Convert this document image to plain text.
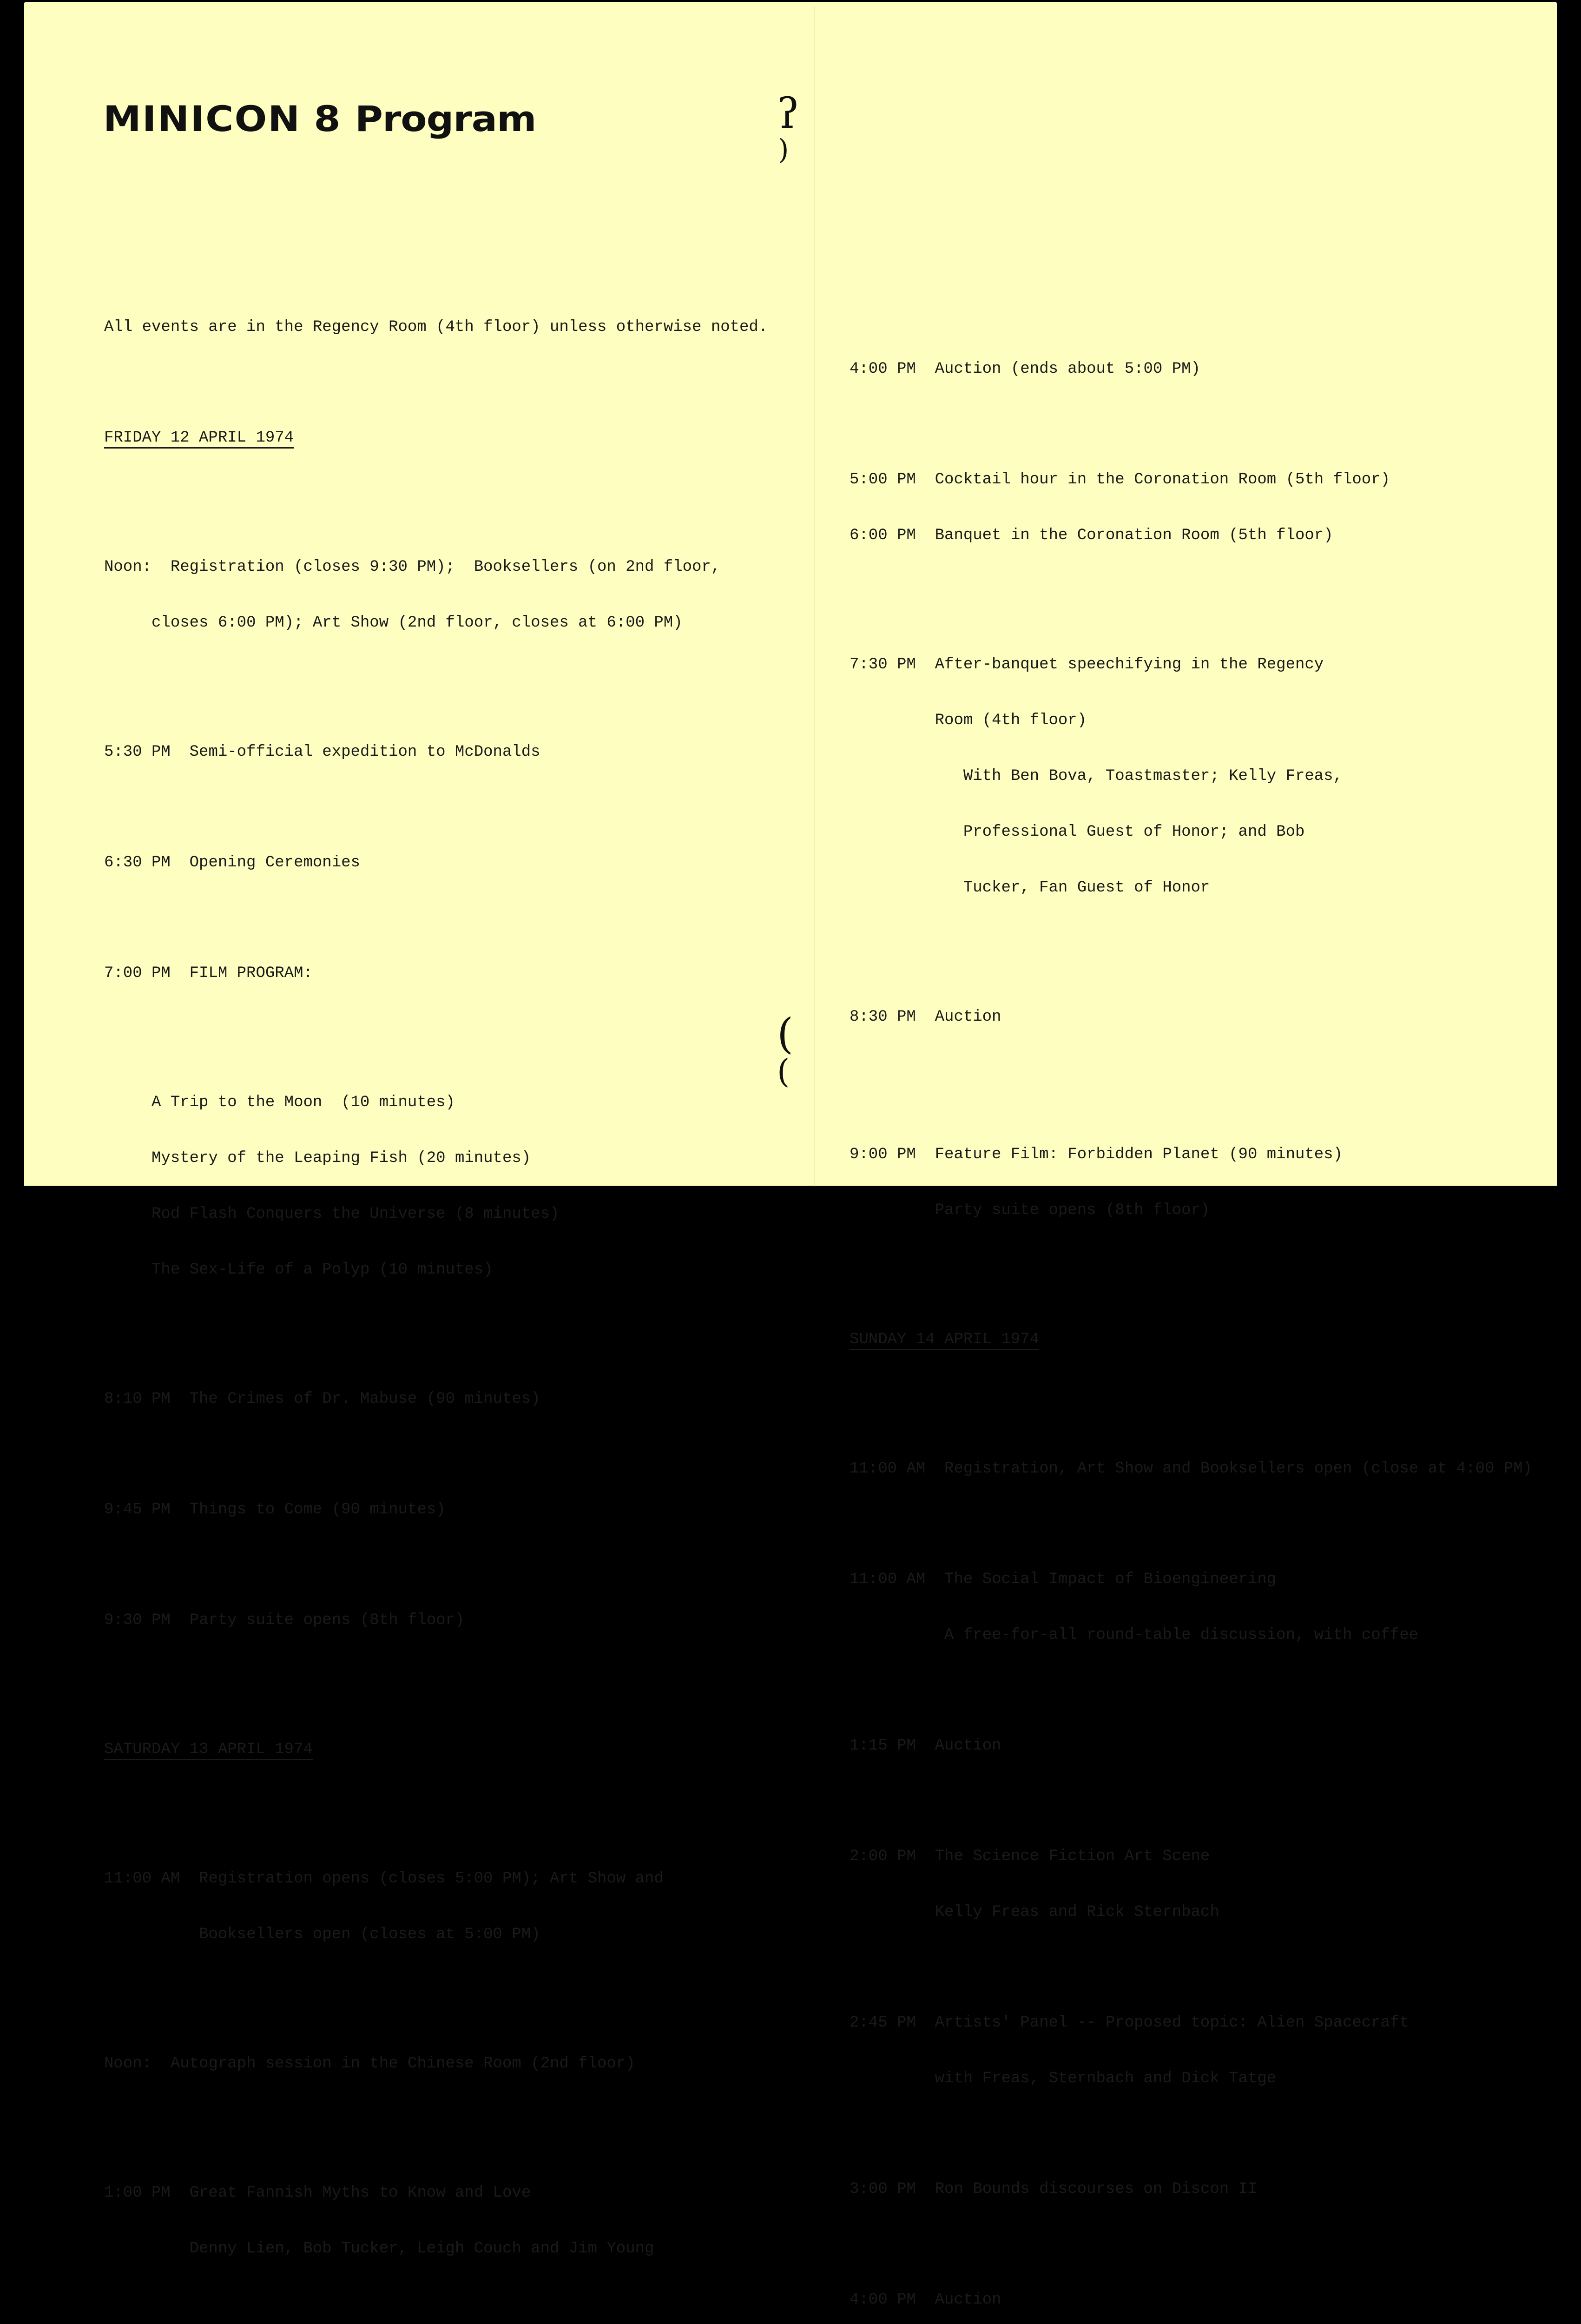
MINICON 8 Program	ʔ
)
(
(

All events are in the Regency Room (4th floor) unless otherwise noted.

FRIDAY 12 APRIL 1974

Noon: Registration (closes 9:30 PM);  Booksellers (on 2nd floor,

closes 6:00 PM); Art Show (2nd floor, closes at 6:00 PM)

5:30 PM Semi-official expedition to McDonalds

6:30 PM Opening Ceremonies

7:00 PM FILM PROGRAM:

A Trip to the Moon  (10 minutes)

Mystery of the Leaping Fish (20 minutes)

Rod Flash Conquers the Universe (8 minutes)

The Sex-Life of a Polyp (10 minutes)

8:10 PM The Crimes of Dr. Mabuse (90 minutes)

9:45 PM Things to Come (90 minutes)

9:30 PM Party suite opens (8th floor)

SATURDAY 13 APRIL 1974

11:00 AM Registration opens (closes 5:00 PM); Art Show and

Booksellers open (closes at 5:00 PM)

Noon: Autograph session in the Chinese Room (2nd floor)

1:00 PM Great Fannish Myths to Know and Love

Denny Lien, Bob Tucker, Leigh Couch and Jim Young

4:00 PM Auction (ends about 5:00 PM)

5:00 PM Cocktail hour in the Coronation Room (5th floor)

6:00 PM Banquet in the Coronation Room (5th floor)

7:30 PM After-banquet speechifying in the Regency

Room (4th floor)

With Ben Bova, Toastmaster; Kelly Freas,

Professional Guest of Honor; and Bob

Tucker, Fan Guest of Honor

8:30 PM Auction

9:00 PM Feature Film: Forbidden Planet (90 minutes)

Party suite opens (8th floor)

SUNDAY 14 APRIL 1974

11:00 AM Registration, Art Show and Booksellers open (close at 4:00 PM)

11:00 AM The Social Impact of Bioengineering

A free-for-all round-table discussion, with coffee

1:15 PM Auction

2:00 PM The Science Fiction Art Scene

Kelly Freas and Rick Sternbach

2:45 PM Artists' Panel -- Proposed topic: Alien Spacecraft

with Freas, Sternbach and Dick Tatge

3:00 PM Ron Bounds discourses on Discon II

4:00 PM Auction
